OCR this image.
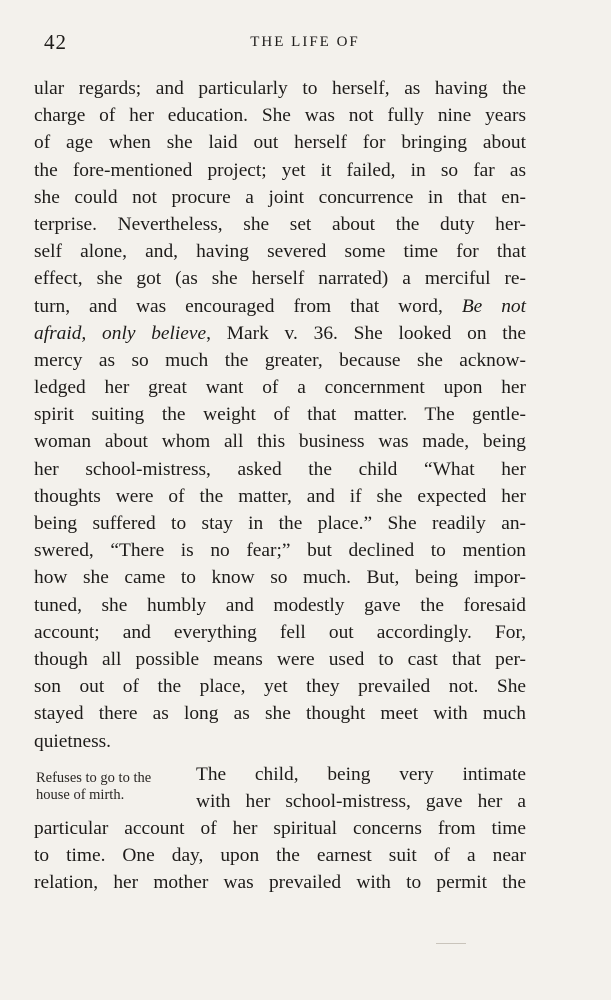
42	THE LIFE OF
ular regards; and particularly to herself, as having the
charge of her education. She was not fully nine years
of age when she laid out herself for bringing about
the fore-mentioned project; yet it failed, in so far as
she could not procure a joint concurrence in that en-
terprise. Nevertheless, she set about the duty her-
self alone, and, having severed some time for that
effect, she got (as she herself narrated) a merciful re-
turn, and was encouraged from that word, Be not
afraid, only believe, Mark v. 36. She looked on the
mercy as so much the greater, because she acknow-
ledged her great want of a concernment upon her
spirit suiting the weight of that matter. The gentle-
woman about whom all this business was made, being
her school-mistress, asked the child “What her
thoughts were of the matter, and if she expected her
being suffered to stay in the place.” She readily an-
swered, “There is no fear;” but declined to mention
how she came to know so much. But, being impor-
tuned, she humbly and modestly gave the foresaid
account; and everything fell out accordingly. For,
though all possible means were used to cast that per-
son out of the place, yet they prevailed not. She
stayed there as long as she thought meet with much
quietness.
The child, being very intimate
with her school-mistress, gave her a
particular account of her spiritual concerns from time
to time. One day, upon the earnest suit of a near
relation, her mother was prevailed with to permit the
Refuses to go to the
house of mirth.
